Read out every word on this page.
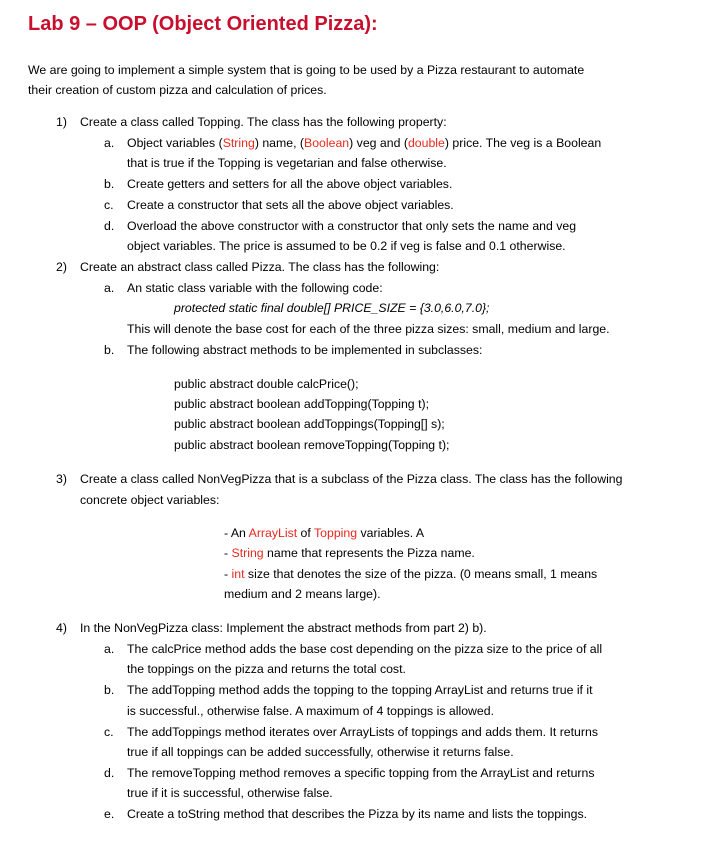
Lab 9 – OOP (Object Oriented Pizza):
We are going to implement a simple system that is going to be used by a Pizza restaurant to automate
their creation of custom pizza and calculation of prices.
1) Create a class called Topping. The class has the following property:
a. Object variables (String) name, (Boolean) veg and (double) price. The veg is a Boolean
that is true if the Topping is vegetarian and false otherwise.
b. Create getters and setters for all the above object variables.
c. Create a constructor that sets all the above object variables.
d. Overload the above constructor with a constructor that only sets the name and veg
object variables. The price is assumed to be 0.2 if veg is false and 0.1 otherwise.
2) Create an abstract class called Pizza. The class has the following:
a. An static class variable with the following code:
protected static final double[] PRICE_SIZE = {3.0,6.0,7.0};
This will denote the base cost for each of the three pizza sizes: small, medium and large.
b. The following abstract methods to be implemented in subclasses:
public abstract double calcPrice();
public abstract boolean addTopping(Topping t);
public abstract boolean addToppings(Topping[] s);
public abstract boolean removeTopping(Topping t);
3) Create a class called NonVegPizza that is a subclass of the Pizza class. The class has the following
concrete object variables:
- An ArrayList of Topping variables. A
- String name that represents the Pizza name.
- int size that denotes the size of the pizza. (0 means small, 1 means
medium and 2 means large).
4) In the NonVegPizza class: Implement the abstract methods from part 2) b).
a. The calcPrice method adds the base cost depending on the pizza size to the price of all
the toppings on the pizza and returns the total cost.
b. The addTopping method adds the topping to the topping ArrayList and returns true if it
is successful., otherwise false. A maximum of 4 toppings is allowed.
c. The addToppings method iterates over ArrayLists of toppings and adds them. It returns
true if all toppings can be added successfully, otherwise it returns false.
d. The removeTopping method removes a specific topping from the ArrayList and returns
true if it is successful, otherwise false.
e. Create a toString method that describes the Pizza by its name and lists the toppings.
